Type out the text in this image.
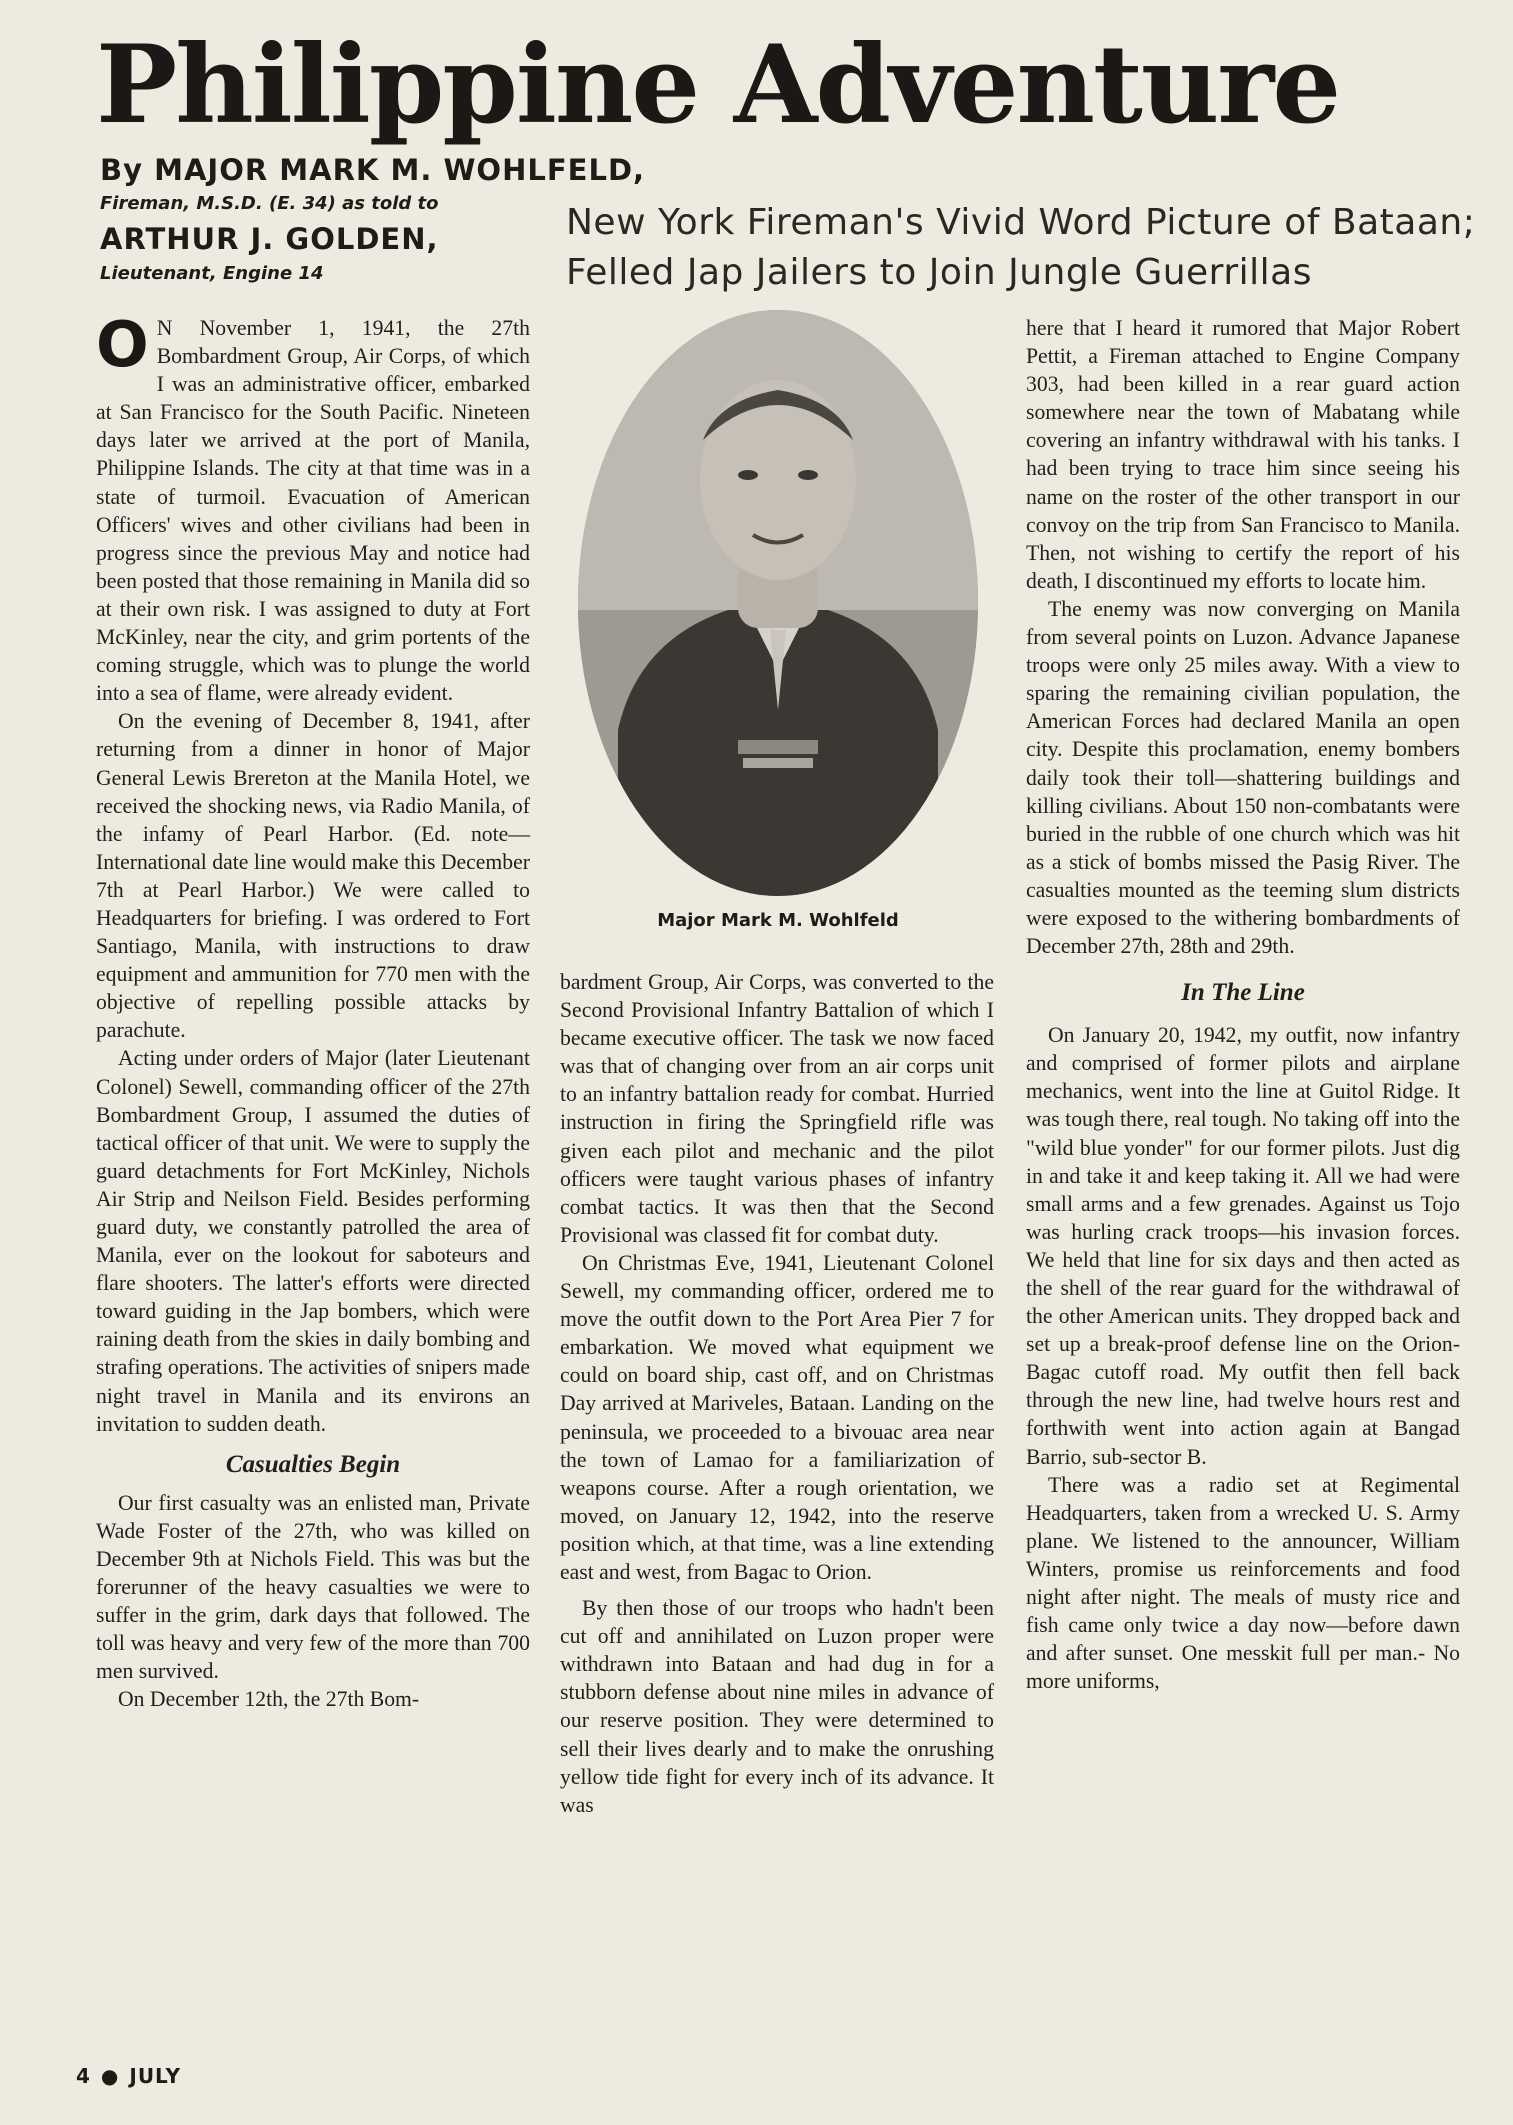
Philippine Adventure
By MAJOR MARK M. WOHLFELD,
Fireman, M.S.D. (E. 34) as told to
ARTHUR J. GOLDEN,
Lieutenant, Engine 14
New York Fireman's Vivid Word Picture of Bataan;
Felled Jap Jailers to Join Jungle Guerrillas

O N November 1, 1941, the 27th Bombardment Group, Air Corps, of which I was an administrative officer, embarked at San Francisco for the South Pacific. Nineteen days later we arrived at the port of Manila, Philippine Islands. The city at that time was in a state of turmoil. Evacuation of American Officers' wives and other civilians had been in progress since the previous May and notice had been posted that those remaining in Manila did so at their own risk. I was assigned to duty at Fort McKinley, near the city, and grim portents of the coming struggle, which was to plunge the world into a sea of flame, were already evident.

On the evening of December 8, 1941, after returning from a dinner in honor of Major General Lewis Brereton at the Manila Hotel, we received the shocking news, via Radio Manila, of the infamy of Pearl Harbor. (Ed. note—International date line would make this December 7th at Pearl Harbor.) We were called to Headquarters for briefing. I was ordered to Fort Santiago, Manila, with instructions to draw equipment and ammunition for 770 men with the objective of repelling possible attacks by parachute.

Acting under orders of Major (later Lieutenant Colonel) Sewell, commanding officer of the 27th Bombardment Group, I assumed the duties of tactical officer of that unit. We were to supply the guard detachments for Fort McKinley, Nichols Air Strip and Neilson Field. Besides performing guard duty, we constantly patrolled the area of Manila, ever on the lookout for saboteurs and flare shooters. The latter's efforts were directed toward guiding in the Jap bombers, which were raining death from the skies in daily bombing and strafing operations. The activities of snipers made night travel in Manila and its environs an invitation to sudden death.

Casualties Begin

Our first casualty was an enlisted man, Private Wade Foster of the 27th, who was killed on December 9th at Nichols Field. This was but the forerunner of the heavy casualties we were to suffer in the grim, dark days that followed. The toll was heavy and very few of the more than 700 men survived.

On December 12th, the 27th Bom-

Major Mark M. Wohlfeld

bardment Group, Air Corps, was converted to the Second Provisional Infantry Battalion of which I became executive officer. The task we now faced was that of changing over from an air corps unit to an infantry battalion ready for combat. Hurried instruction in firing the Springfield rifle was given each pilot and mechanic and the pilot officers were taught various phases of infantry combat tactics. It was then that the Second Provisional was classed fit for combat duty.

On Christmas Eve, 1941, Lieutenant Colonel Sewell, my commanding officer, ordered me to move the outfit down to the Port Area Pier 7 for embarkation. We moved what equipment we could on board ship, cast off, and on Christmas Day arrived at Mariveles, Bataan. Landing on the peninsula, we proceeded to a bivouac area near the town of Lamao for a familiarization of weapons course. After a rough orientation, we moved, on January 12, 1942, into the reserve position which, at that time, was a line extending east and west, from Bagac to Orion.

By then those of our troops who hadn't been cut off and annihilated on Luzon proper were withdrawn into Bataan and had dug in for a stubborn defense about nine miles in advance of our reserve position. They were determined to sell their lives dearly and to make the onrushing yellow tide fight for every inch of its advance. It was

here that I heard it rumored that Major Robert Pettit, a Fireman attached to Engine Company 303, had been killed in a rear guard action somewhere near the town of Mabatang while covering an infantry withdrawal with his tanks. I had been trying to trace him since seeing his name on the roster of the other transport in our convoy on the trip from San Francisco to Manila. Then, not wishing to certify the report of his death, I discontinued my efforts to locate him.

The enemy was now converging on Manila from several points on Luzon. Advance Japanese troops were only 25 miles away. With a view to sparing the remaining civilian population, the American Forces had declared Manila an open city. Despite this proclamation, enemy bombers daily took their toll—shattering buildings and killing civilians. About 150 non-combatants were buried in the rubble of one church which was hit as a stick of bombs missed the Pasig River. The casualties mounted as the teeming slum districts were exposed to the withering bombardments of December 27th, 28th and 29th.

In The Line

On January 20, 1942, my outfit, now infantry and comprised of former pilots and airplane mechanics, went into the line at Guitol Ridge. It was tough there, real tough. No taking off into the "wild blue yonder" for our former pilots. Just dig in and take it and keep taking it. All we had were small arms and a few grenades. Against us Tojo was hurling crack troops—his invasion forces. We held that line for six days and then acted as the shell of the rear guard for the withdrawal of the other American units. They dropped back and set up a break-proof defense line on the Orion-Bagac cutoff road. My outfit then fell back through the new line, had twelve hours rest and forthwith went into action again at Bangad Barrio, sub-sector B.

There was a radio set at Regimental Headquarters, taken from a wrecked U. S. Army plane. We listened to the announcer, William Winters, promise us reinforcements and food night after night. The meals of musty rice and fish came only twice a day now—before dawn and after sunset. One messkit full per man.- No more uniforms,

4 ● JULY
